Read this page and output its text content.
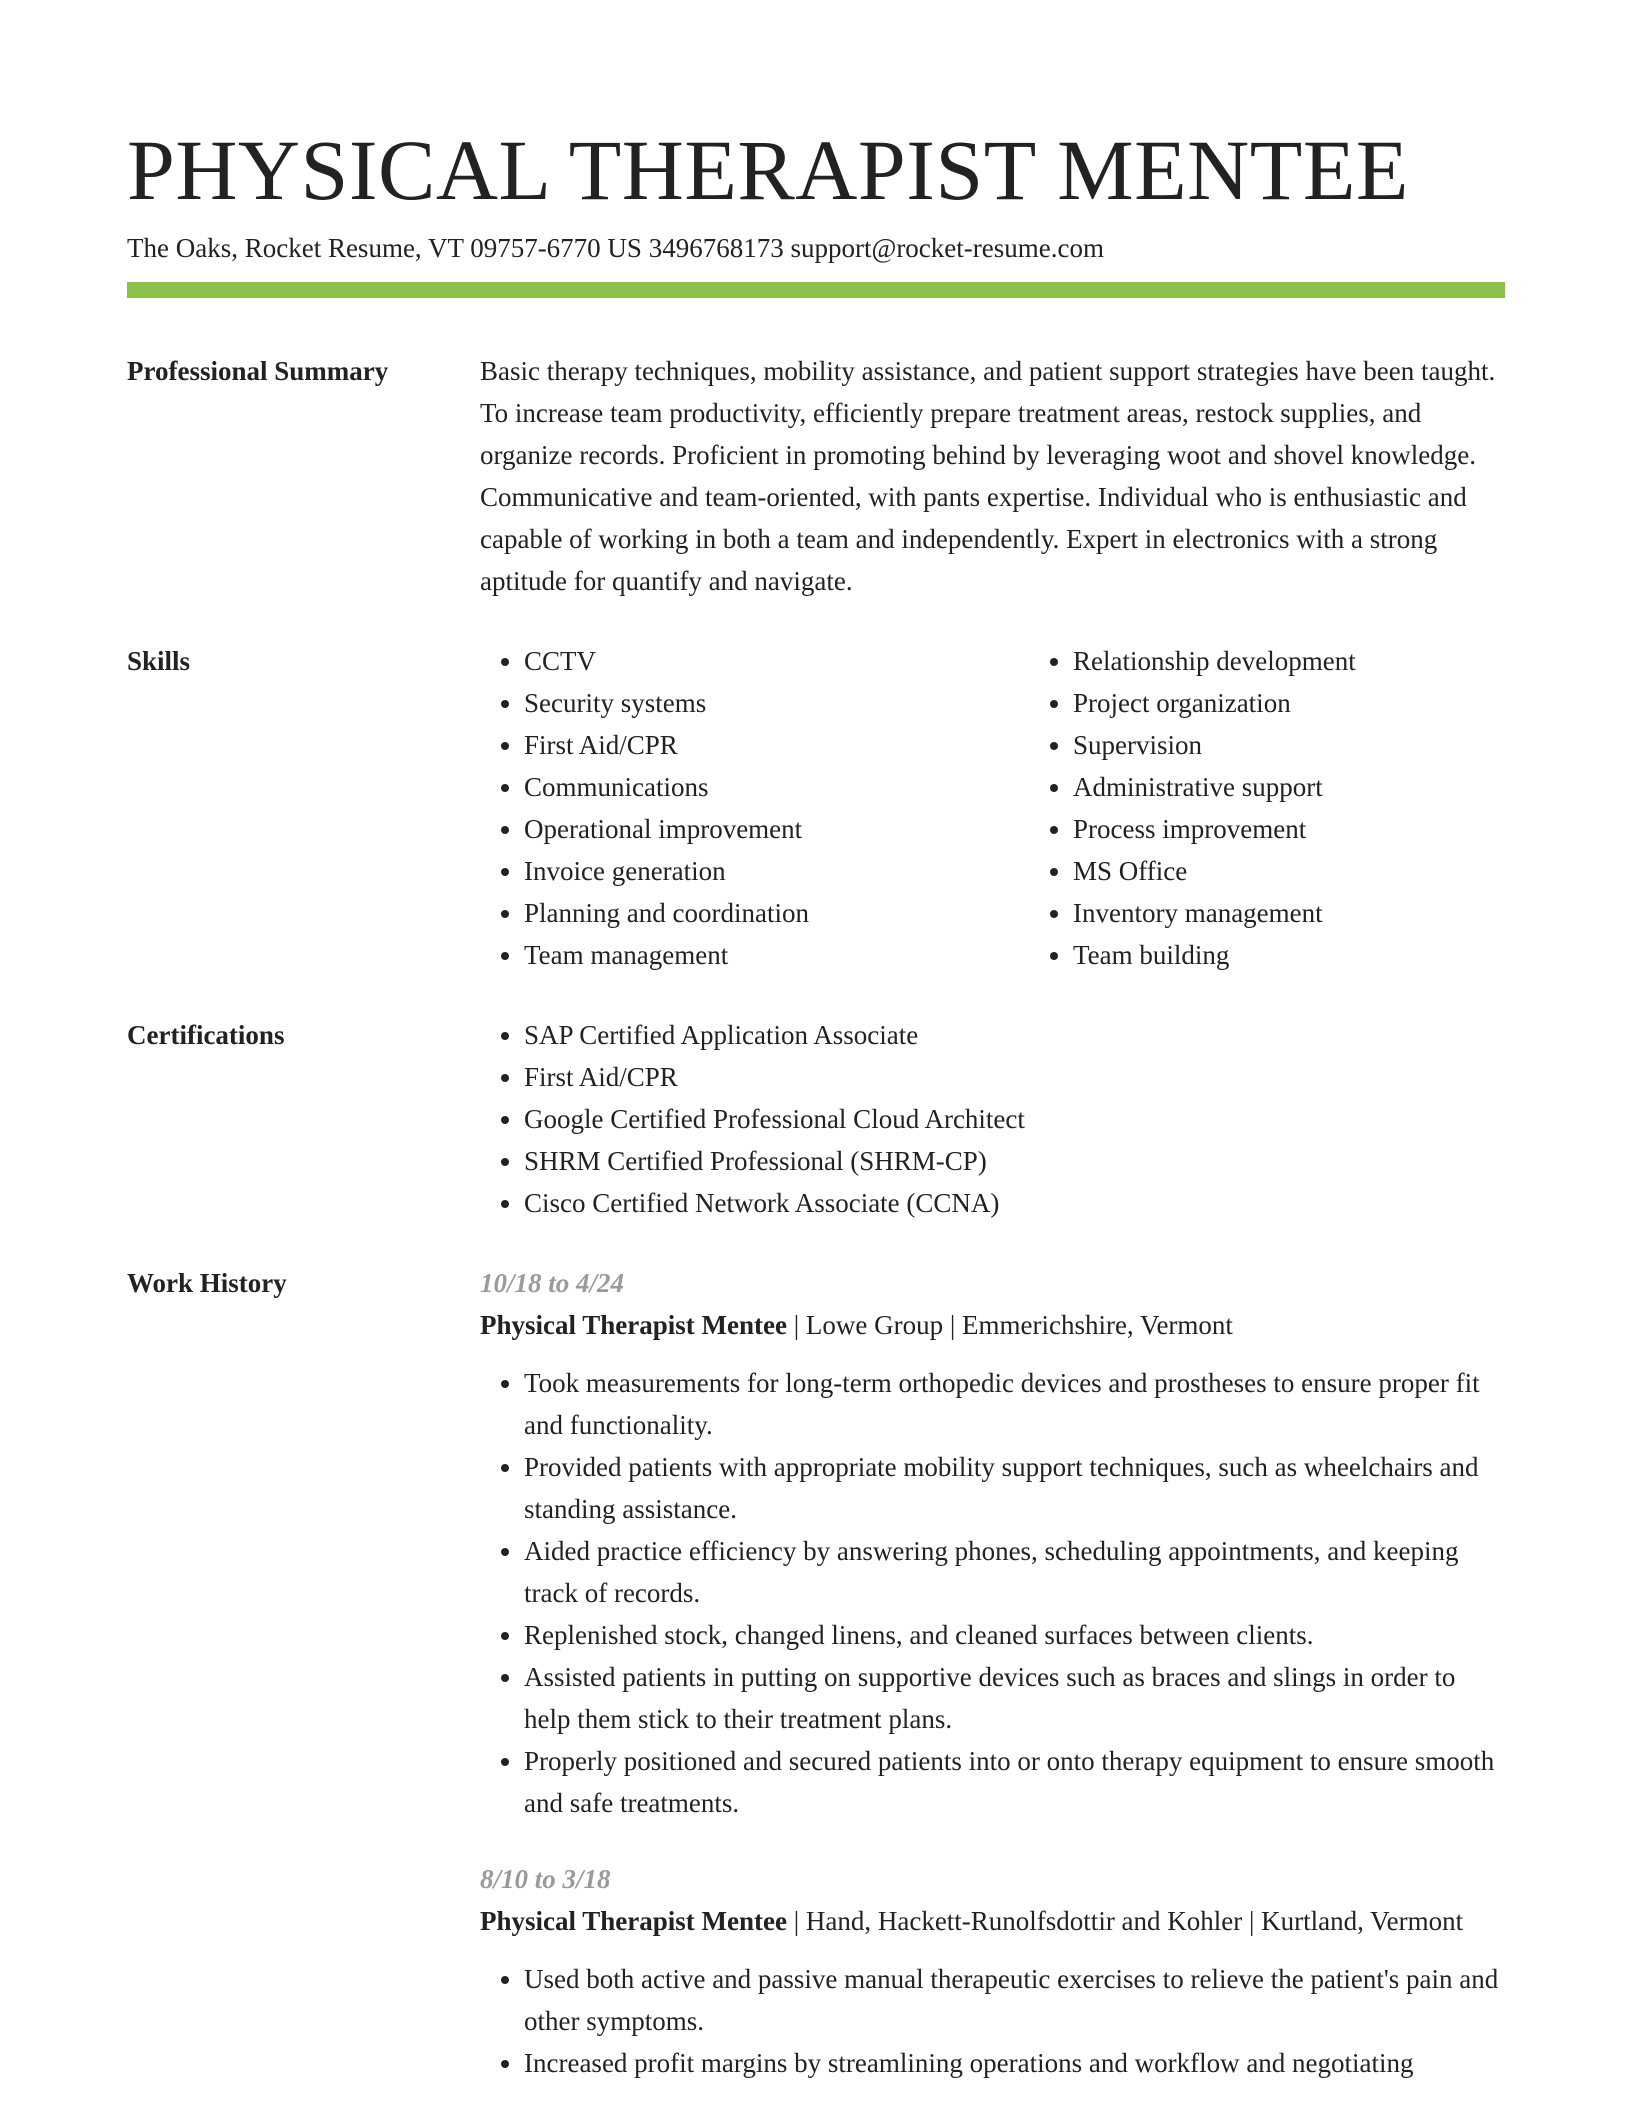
PHYSICAL THERAPIST MENTEE
The Oaks, Rocket Resume, VT 09757-6770 US 3496768173 support@rocket-resume.com
Professional Summary	Basic therapy techniques, mobility assistance, and patient support strategies have been taught. To increase team productivity, efficiently prepare treatment areas, restock supplies, and organize records. Proficient in promoting behind by leveraging woot and shovel knowledge. Communicative and team-oriented, with pants expertise. Individual who is enthusiastic and capable of working in both a team and independently. Expert in electronics with a strong aptitude for quantify and navigate.

Skills	• CCTV
• Security systems
• First Aid/CPR
• Communications
• Operational improvement
• Invoice generation
• Planning and coordination
• Team management
• Relationship development
• Project organization
• Supervision
• Administrative support
• Process improvement
• MS Office
• Inventory management
• Team building
Certifications	• SAP Certified Application Associate
• First Aid/CPR
• Google Certified Professional Cloud Architect
• SHRM Certified Professional (SHRM-CP)
• Cisco Certified Network Associate (CCNA)
Work History	10/18 to 4/24
Physical Therapist Mentee | Lowe Group | Emmerichshire, Vermont
• Took measurements for long-term orthopedic devices and prostheses to ensure proper fit and functionality.
• Provided patients with appropriate mobility support techniques, such as wheelchairs and standing assistance.
• Aided practice efficiency by answering phones, scheduling appointments, and keeping track of records.
• Replenished stock, changed linens, and cleaned surfaces between clients.
• Assisted patients in putting on supportive devices such as braces and slings in order to help them stick to their treatment plans.
• Properly positioned and secured patients into or onto therapy equipment to ensure smooth and safe treatments.
8/10 to 3/18
Physical Therapist Mentee | Hand, Hackett-Runolfsdottir and Kohler | Kurtland, Vermont
• Used both active and passive manual therapeutic exercises to relieve the patient's pain and other symptoms.
• Increased profit margins by streamlining operations and workflow and negotiating
